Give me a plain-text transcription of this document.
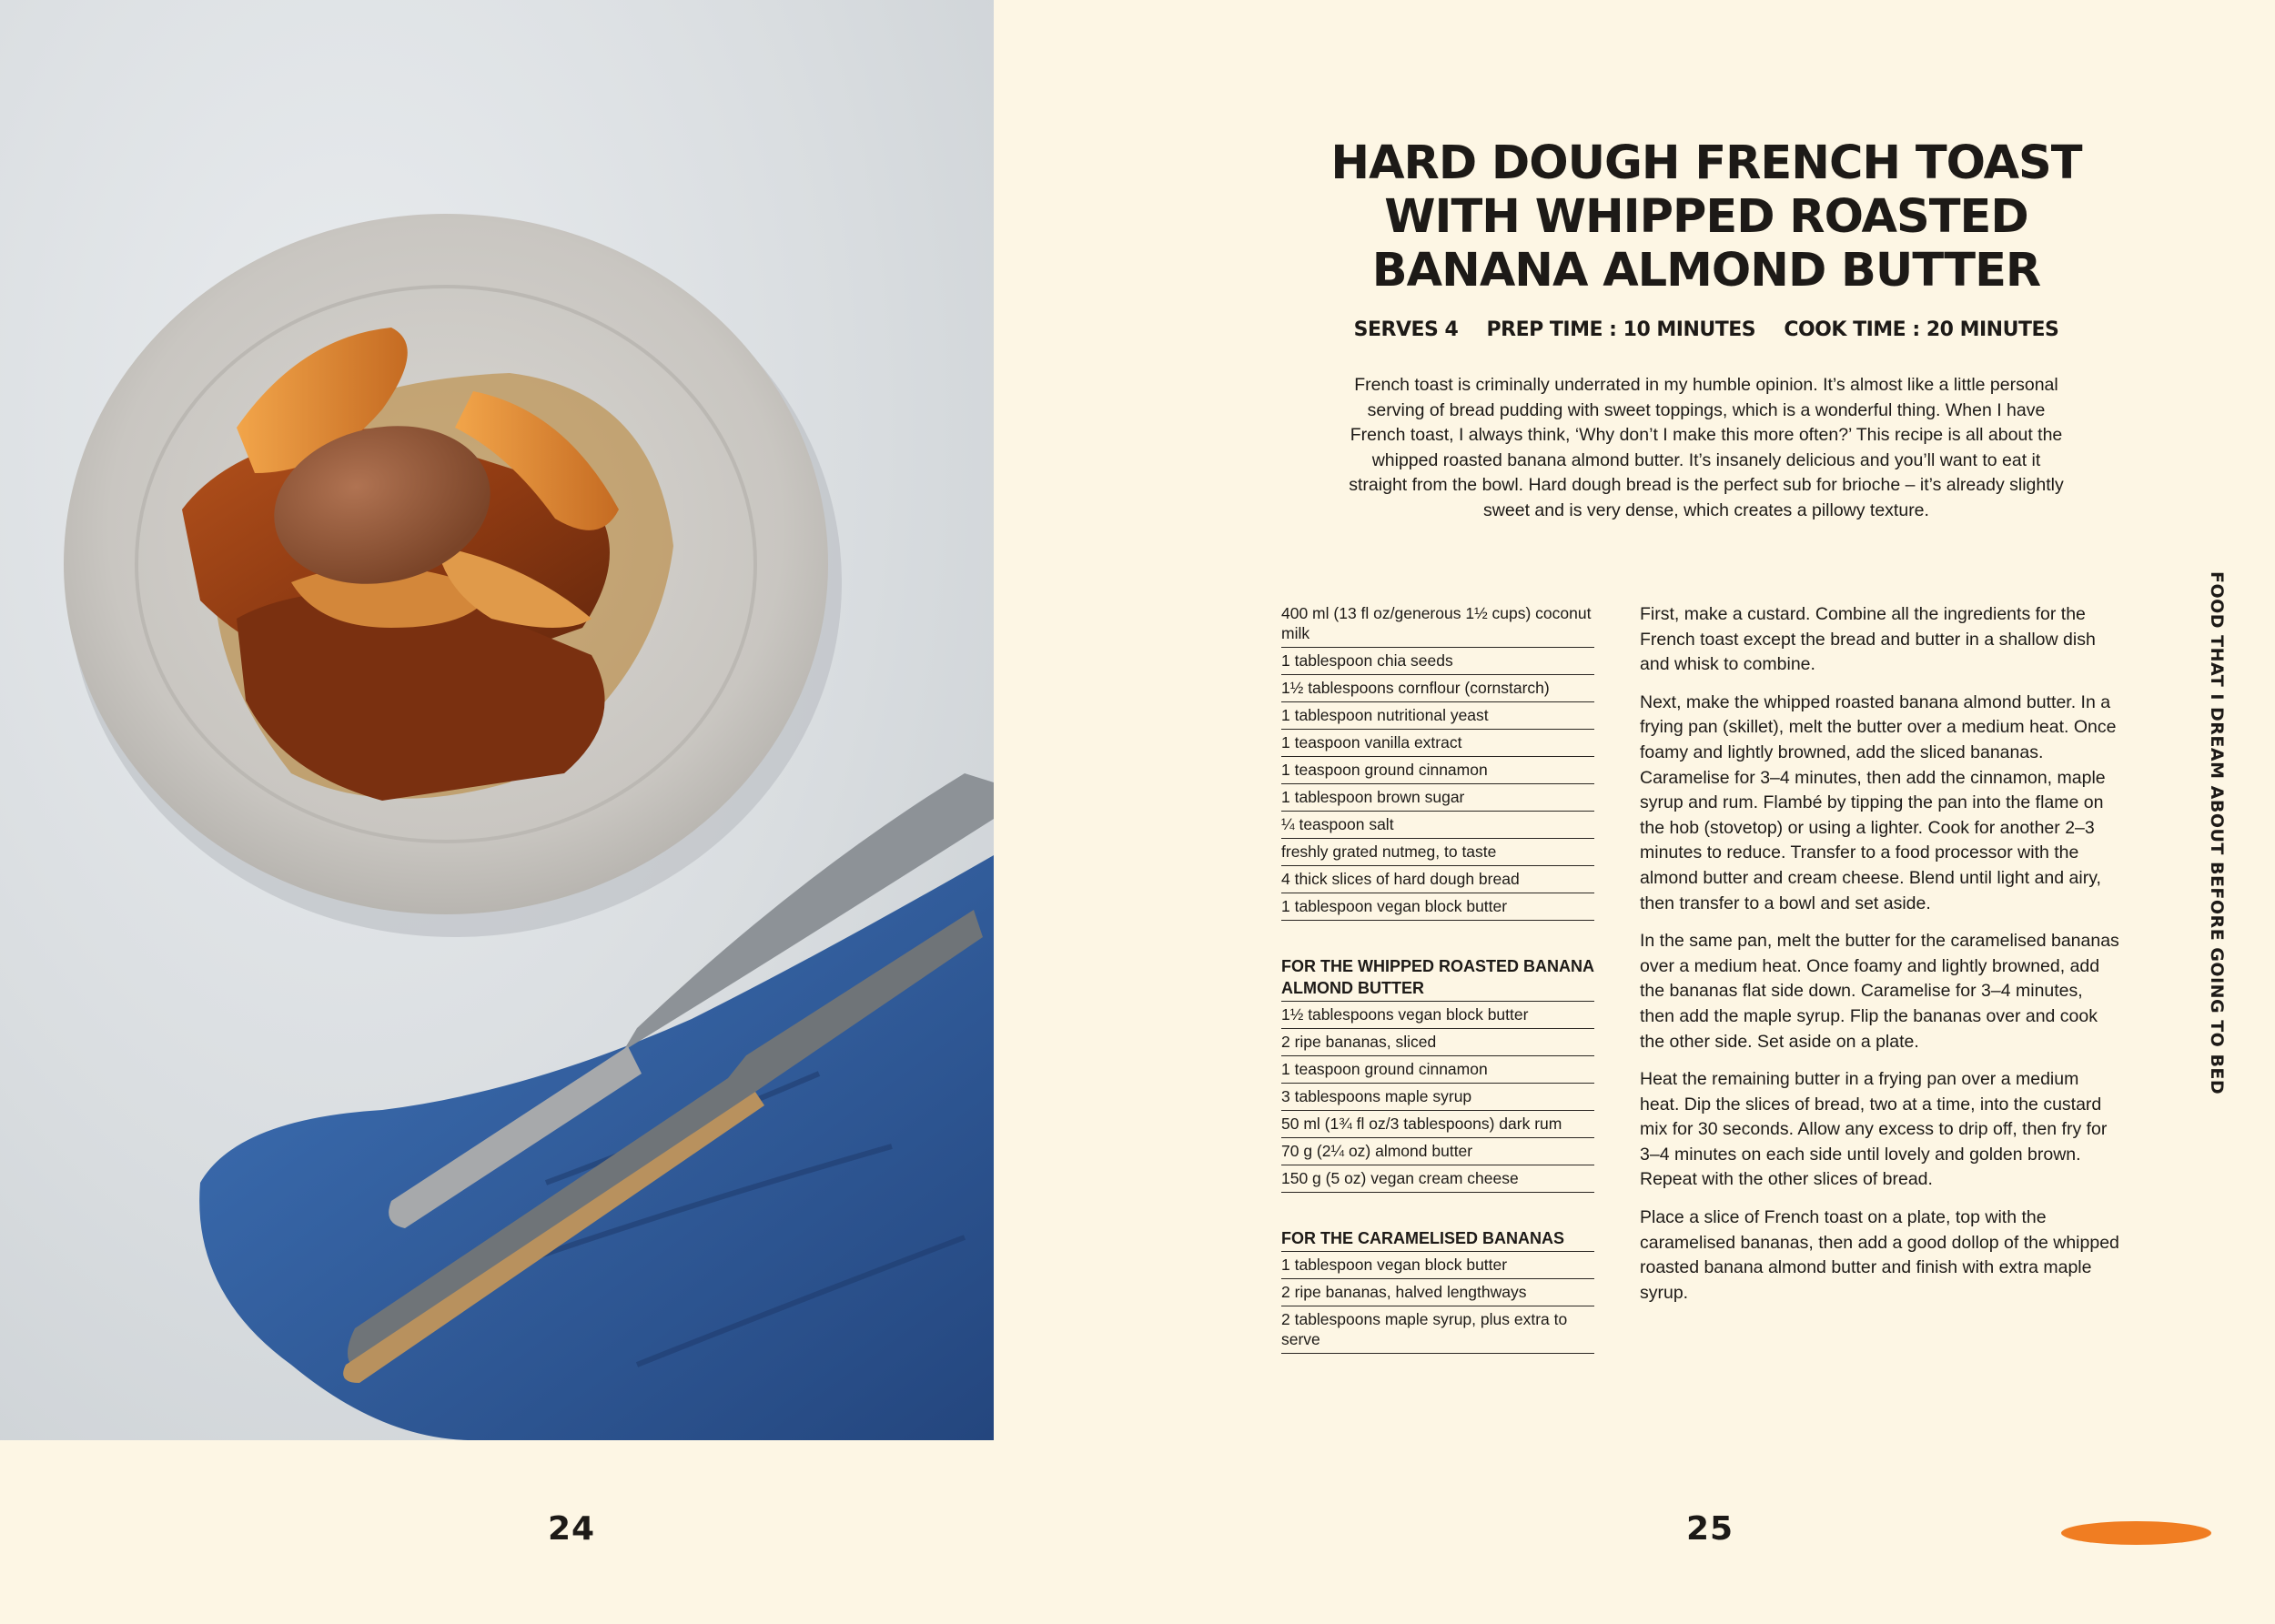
24
HARD DOUGH FRENCH TOAST WITH WHIPPED ROASTED BANANA ALMOND BUTTER
SERVES 4 PREP TIME : 10 MINUTES COOK TIME : 20 MINUTES

French toast is criminally underrated in my humble opinion. It’s almost like a little personal serving of bread pudding with sweet toppings, which is a wonderful thing. When I have French toast, I always think, ‘Why don’t I make this more often?’ This recipe is all about the whipped roasted banana almond butter. It’s insanely delicious and you’ll want to eat it straight from the bowl. Hard dough bread is the perfect sub for brioche – it’s already slightly sweet and is very dense, which creates a pillowy texture.

400 ml (13 fl oz/generous 1½ cups) coconut milk
1 tablespoon chia seeds
1½ tablespoons cornflour (cornstarch)
1 tablespoon nutritional yeast
1 teaspoon vanilla extract
1 teaspoon ground cinnamon
1 tablespoon brown sugar
¼ teaspoon salt
freshly grated nutmeg, to taste
4 thick slices of hard dough bread
1 tablespoon vegan block butter
FOR THE WHIPPED ROASTED BANANA ALMOND BUTTER
1½ tablespoons vegan block butter
2 ripe bananas, sliced
1 teaspoon ground cinnamon
3 tablespoons maple syrup
50 ml (1¾ fl oz/3 tablespoons) dark rum
70 g (2¼ oz) almond butter
150 g (5 oz) vegan cream cheese
FOR THE CARAMELISED BANANAS
1 tablespoon vegan block butter
2 ripe bananas, halved lengthways
2 tablespoons maple syrup, plus extra to serve

First, make a custard. Combine all the ingredients for the French toast except the bread and butter in a shallow dish and whisk to combine.

Next, make the whipped roasted banana almond butter. In a frying pan (skillet), melt the butter over a medium heat. Once foamy and lightly browned, add the sliced bananas. Caramelise for 3–4 minutes, then add the cinnamon, maple syrup and rum. Flambé by tipping the pan into the flame on the hob (stovetop) or using a lighter. Cook for another 2–3 minutes to reduce. Transfer to a food processor with the almond butter and cream cheese. Blend until light and airy, then transfer to a bowl and set aside.

In the same pan, melt the butter for the caramelised bananas over a medium heat. Once foamy and lightly browned, add the bananas flat side down. Caramelise for 3–4 minutes, then add the maple syrup. Flip the bananas over and cook the other side. Set aside on a plate.

Heat the remaining butter in a frying pan over a medium heat. Dip the slices of bread, two at a time, into the custard mix for 30 seconds. Allow any excess to drip off, then fry for 3–4 minutes on each side until lovely and golden brown. Repeat with the other slices of bread.

Place a slice of French toast on a plate, top with the caramelised bananas, then add a good dollop of the whipped roasted banana almond butter and finish with extra maple syrup.

FOOD THAT I DREAM ABOUT BEFORE GOING TO BED
25
